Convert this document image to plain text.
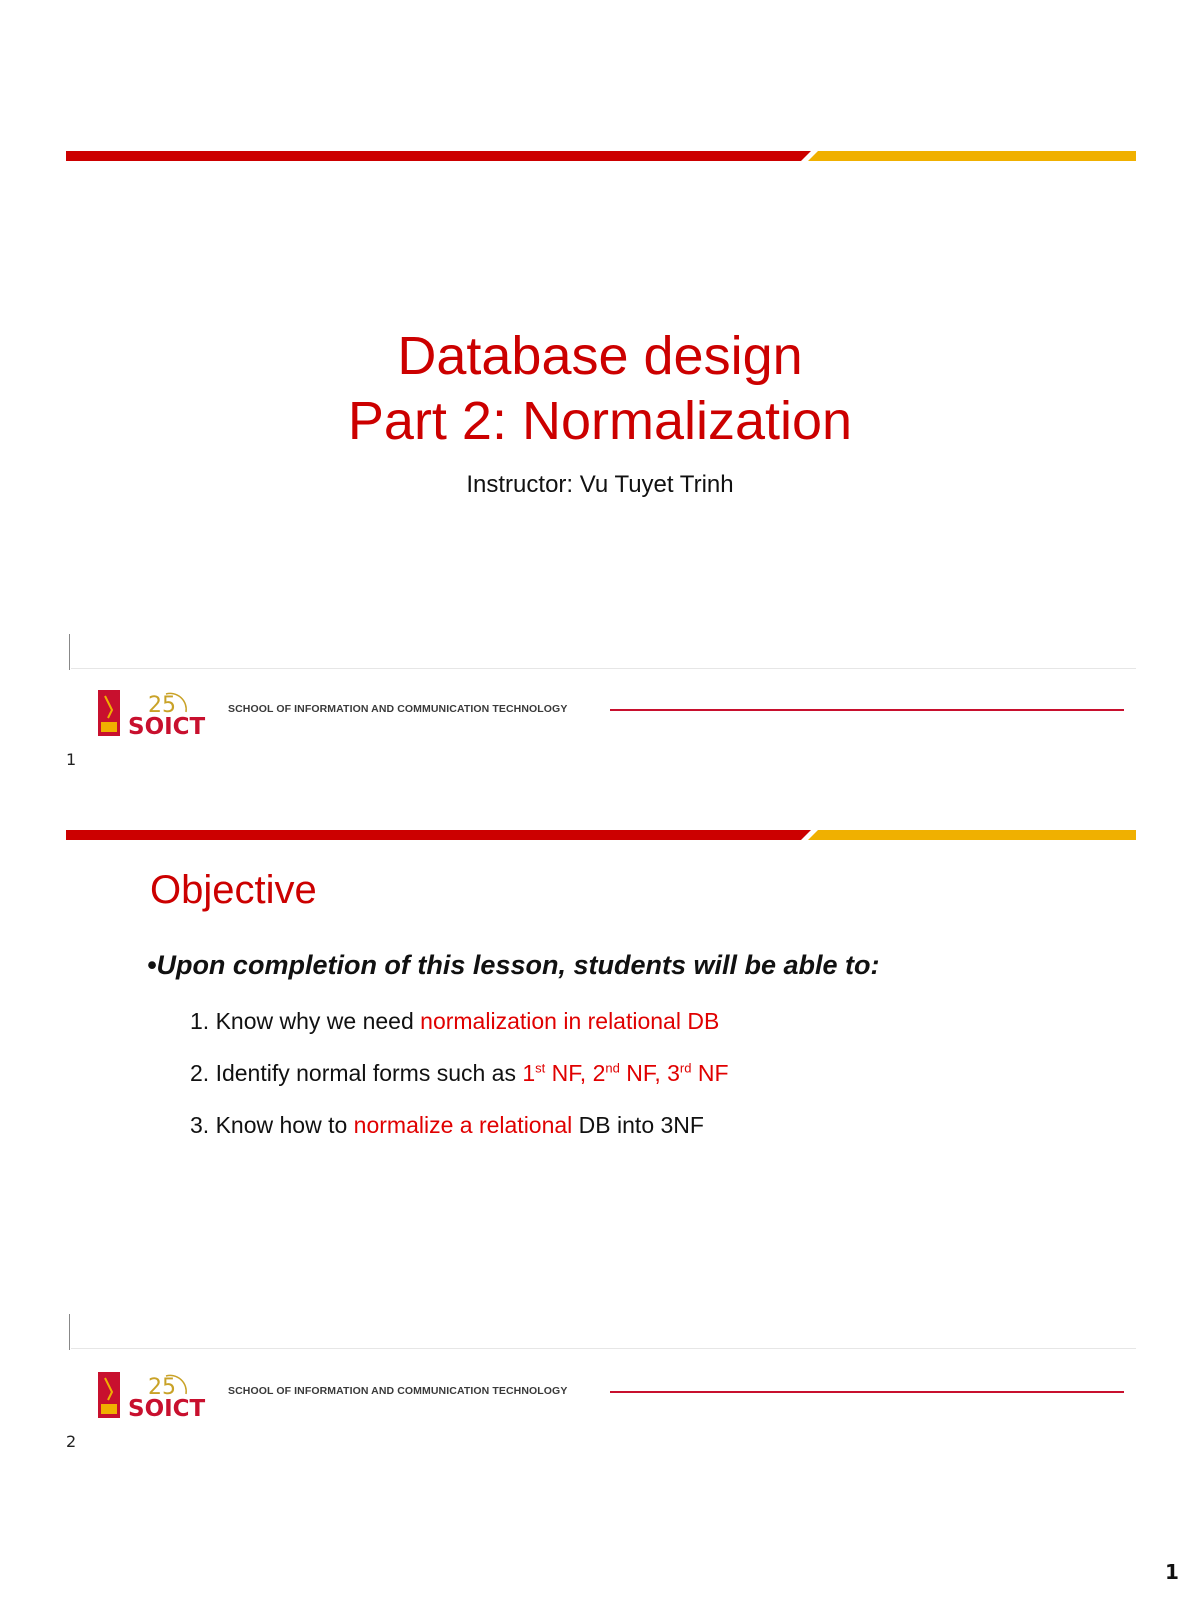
Database design
Part 2: Normalization
Instructor: Vu Tuyet Trinh
25
SOICT
SCHOOL OF INFORMATION AND COMMUNICATION TECHNOLOGY
1
Objective
•Upon completion of this lesson, students will be able to:
1. Know why we need normalization in relational DB
2. Identify normal forms such as 1st NF, 2nd NF, 3rd NF
3. Know how to normalize a relational DB into 3NF
25
SOICT
SCHOOL OF INFORMATION AND COMMUNICATION TECHNOLOGY
2
1
